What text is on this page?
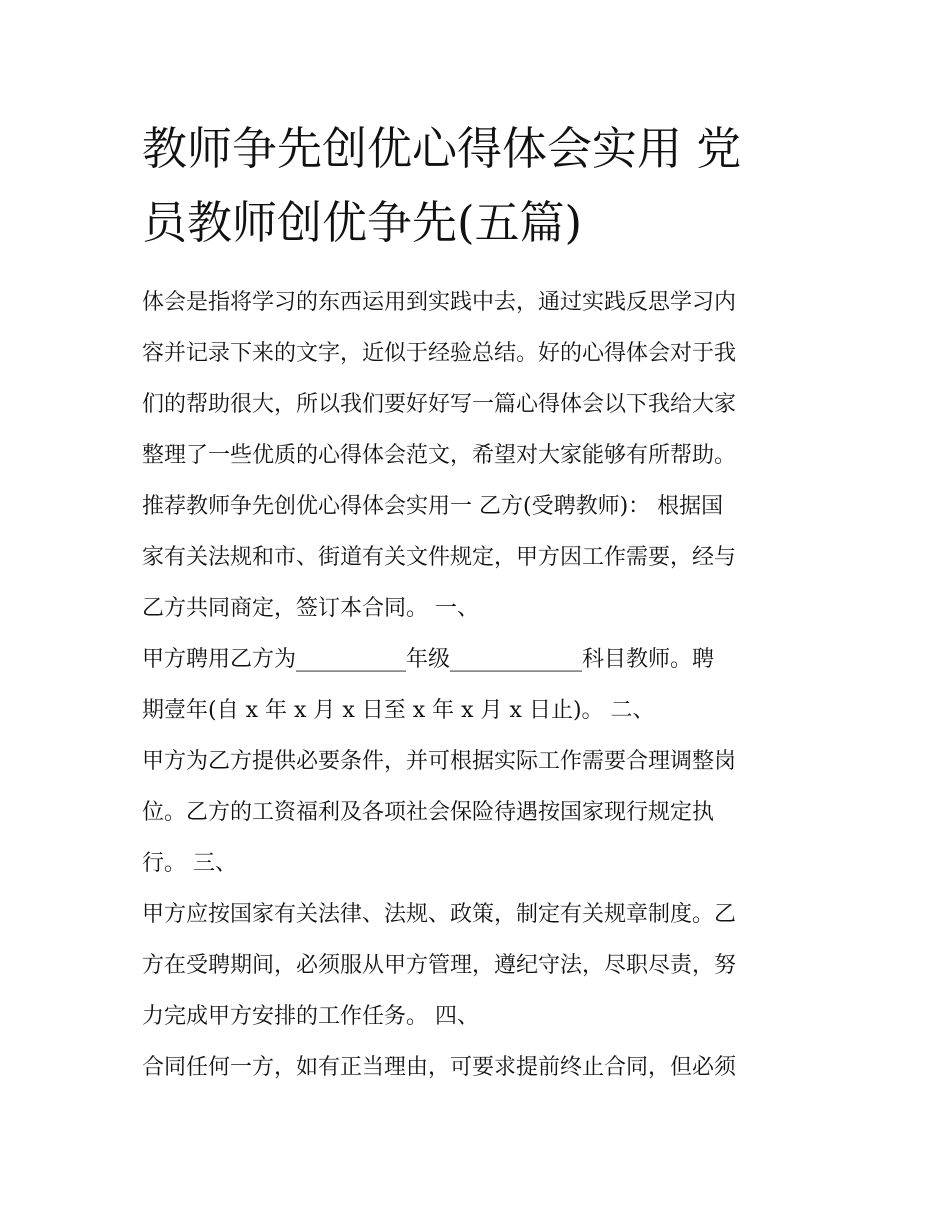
教师争先创优心得体会实用 党
员教师创优争先(五篇)
体会是指将学习的东西运用到实践中去，通过实践反思学习内
容并记录下来的文字，近似于经验总结。好的心得体会对于我
们的帮助很大，所以我们要好好写一篇心得体会以下我给大家
整理了一些优质的心得体会范文，希望对大家能够有所帮助。
推荐教师争先创优心得体会实用一 乙方(受聘教师)： 根据国
家有关法规和市、街道有关文件规定，甲方因工作需要，经与
乙方共同商定，签订本合同。 一、
甲方聘用乙方为__________年级____________科目教师。聘
期壹年(自 x 年 x 月 x 日至 x 年 x 月 x 日止)。 二、
甲方为乙方提供必要条件，并可根据实际工作需要合理调整岗
位。乙方的工资福利及各项社会保险待遇按国家现行规定执
行。 三、
甲方应按国家有关法律、法规、政策，制定有关规章制度。乙
方在受聘期间，必须服从甲方管理，遵纪守法，尽职尽责，努
力完成甲方安排的工作任务。 四、
合同任何一方，如有正当理由，可要求提前终止合同，但必须
